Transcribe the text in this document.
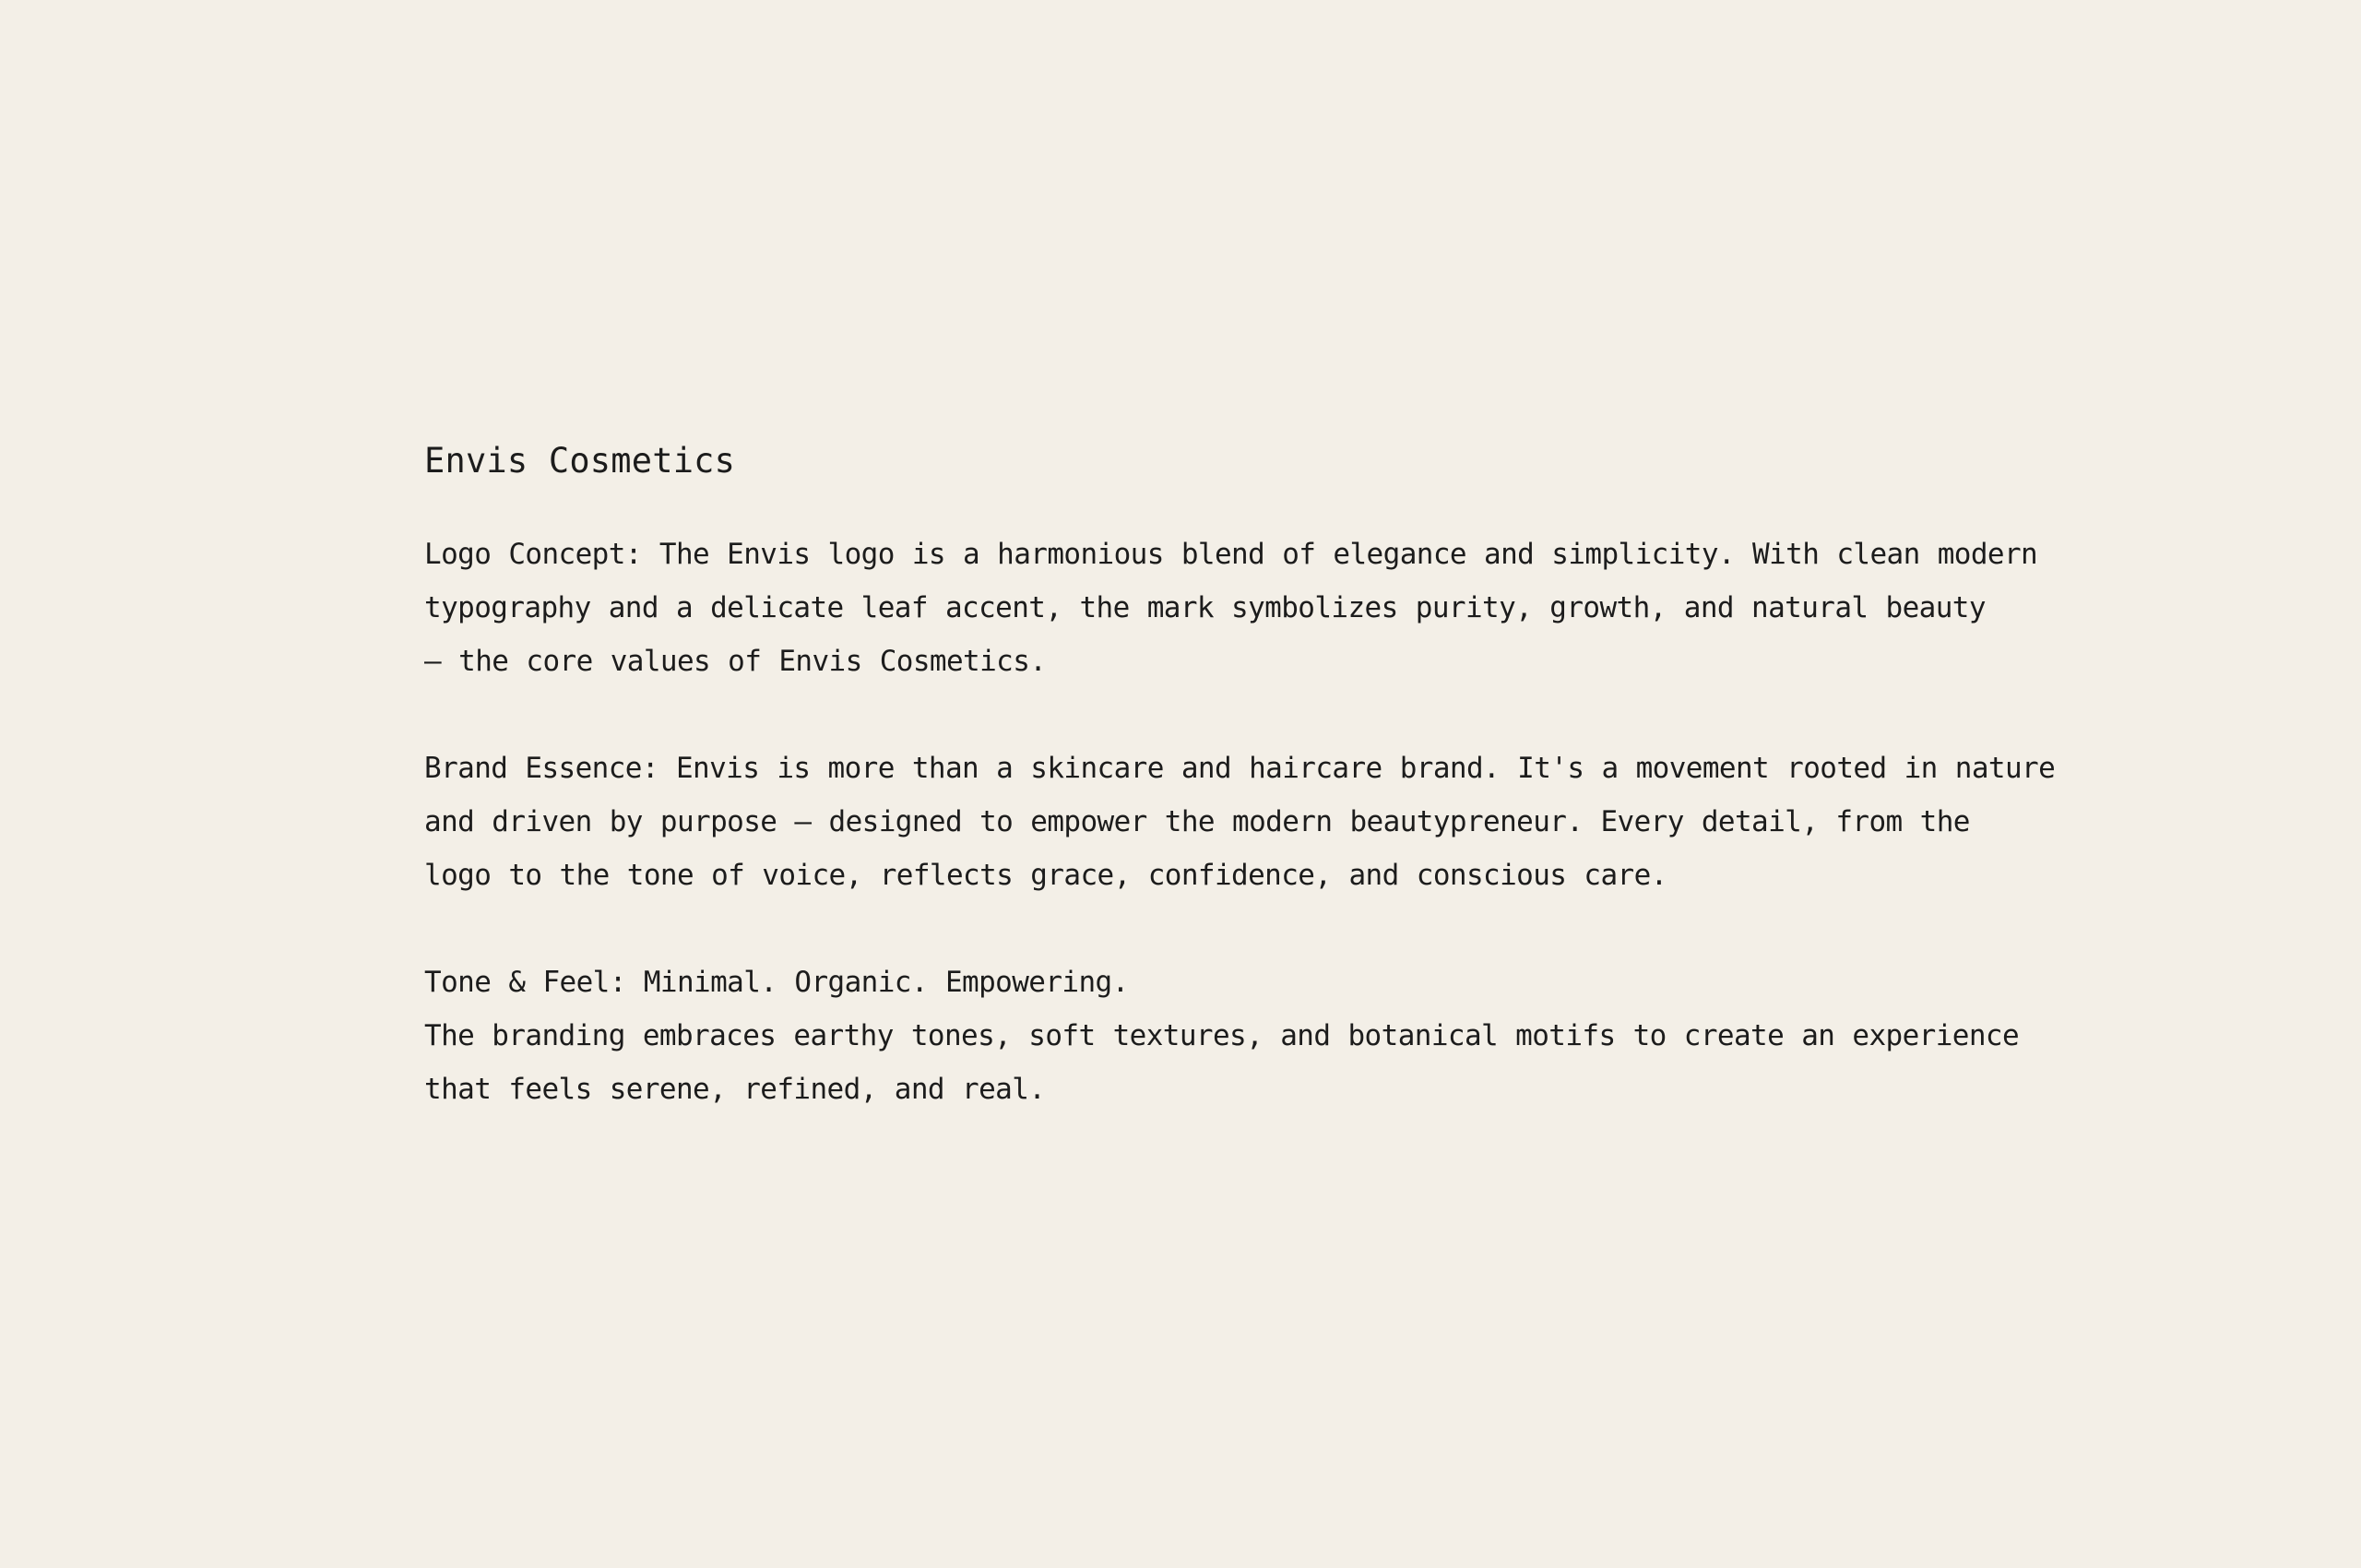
Envis Cosmetics

Logo Concept: The Envis logo is a harmonious blend of elegance and simplicity. With clean modern
typography and a delicate leaf accent, the mark symbolizes purity, growth, and natural beauty
— the core values of Envis Cosmetics.

Brand Essence: Envis is more than a skincare and haircare brand. It's a movement rooted in nature
and driven by purpose — designed to empower the modern beautypreneur. Every detail, from the
logo to the tone of voice, reflects grace, confidence, and conscious care.

Tone & Feel: Minimal. Organic. Empowering.
The branding embraces earthy tones, soft textures, and botanical motifs to create an experience
that feels serene, refined, and real.
